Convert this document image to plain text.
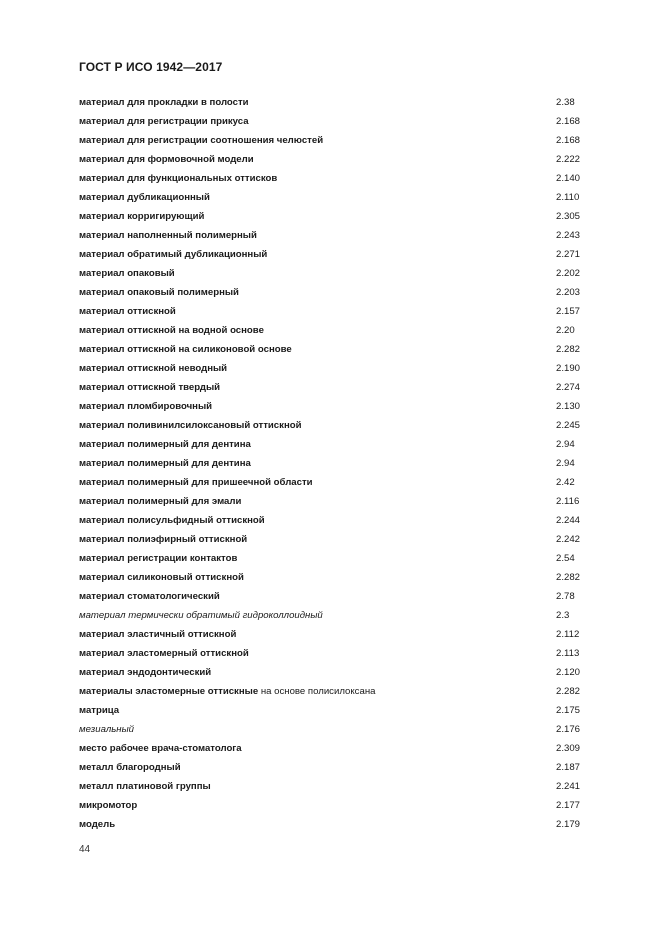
ГОСТ Р ИСО 1942—2017
материал для прокладки в полости	2.38
материал для регистрации прикуса	2.168
материал для регистрации соотношения челюстей	2.168
материал для формовочной модели	2.222
материал для функциональных оттисков	2.140
материал дубликационный	2.110
материал корригирующий	2.305
материал наполненный полимерный	2.243
материал обратимый дубликационный	2.271
материал опаковый	2.202
материал опаковый полимерный	2.203
материал оттискной	2.157
материал оттискной на водной основе	2.20
материал оттискной на силиконовой основе	2.282
материал оттискной неводный	2.190
материал оттискной твердый	2.274
материал пломбировочный	2.130
материал поливинилсилоксановый оттискной	2.245
материал полимерный для дентина	2.94
материал полимерный для дентина	2.94
материал полимерный для пришеечной области	2.42
материал полимерный для эмали	2.116
материал полисульфидный оттискной	2.244
материал полиэфирный оттискной	2.242
материал регистрации контактов	2.54
материал силиконовый оттискной	2.282
материал стоматологический	2.78
материал термически обратимый гидроколлоидный	2.3
материал эластичный оттискной	2.112
материал эластомерный оттискной	2.113
материал эндодонтический	2.120
материалы эластомерные оттискные на основе полисилоксана	2.282
матрица	2.175
мезиальный	2.176
место рабочее врача-стоматолога	2.309
металл благородный	2.187
металл платиновой группы	2.241
микромотор	2.177
модель	2.179
44
